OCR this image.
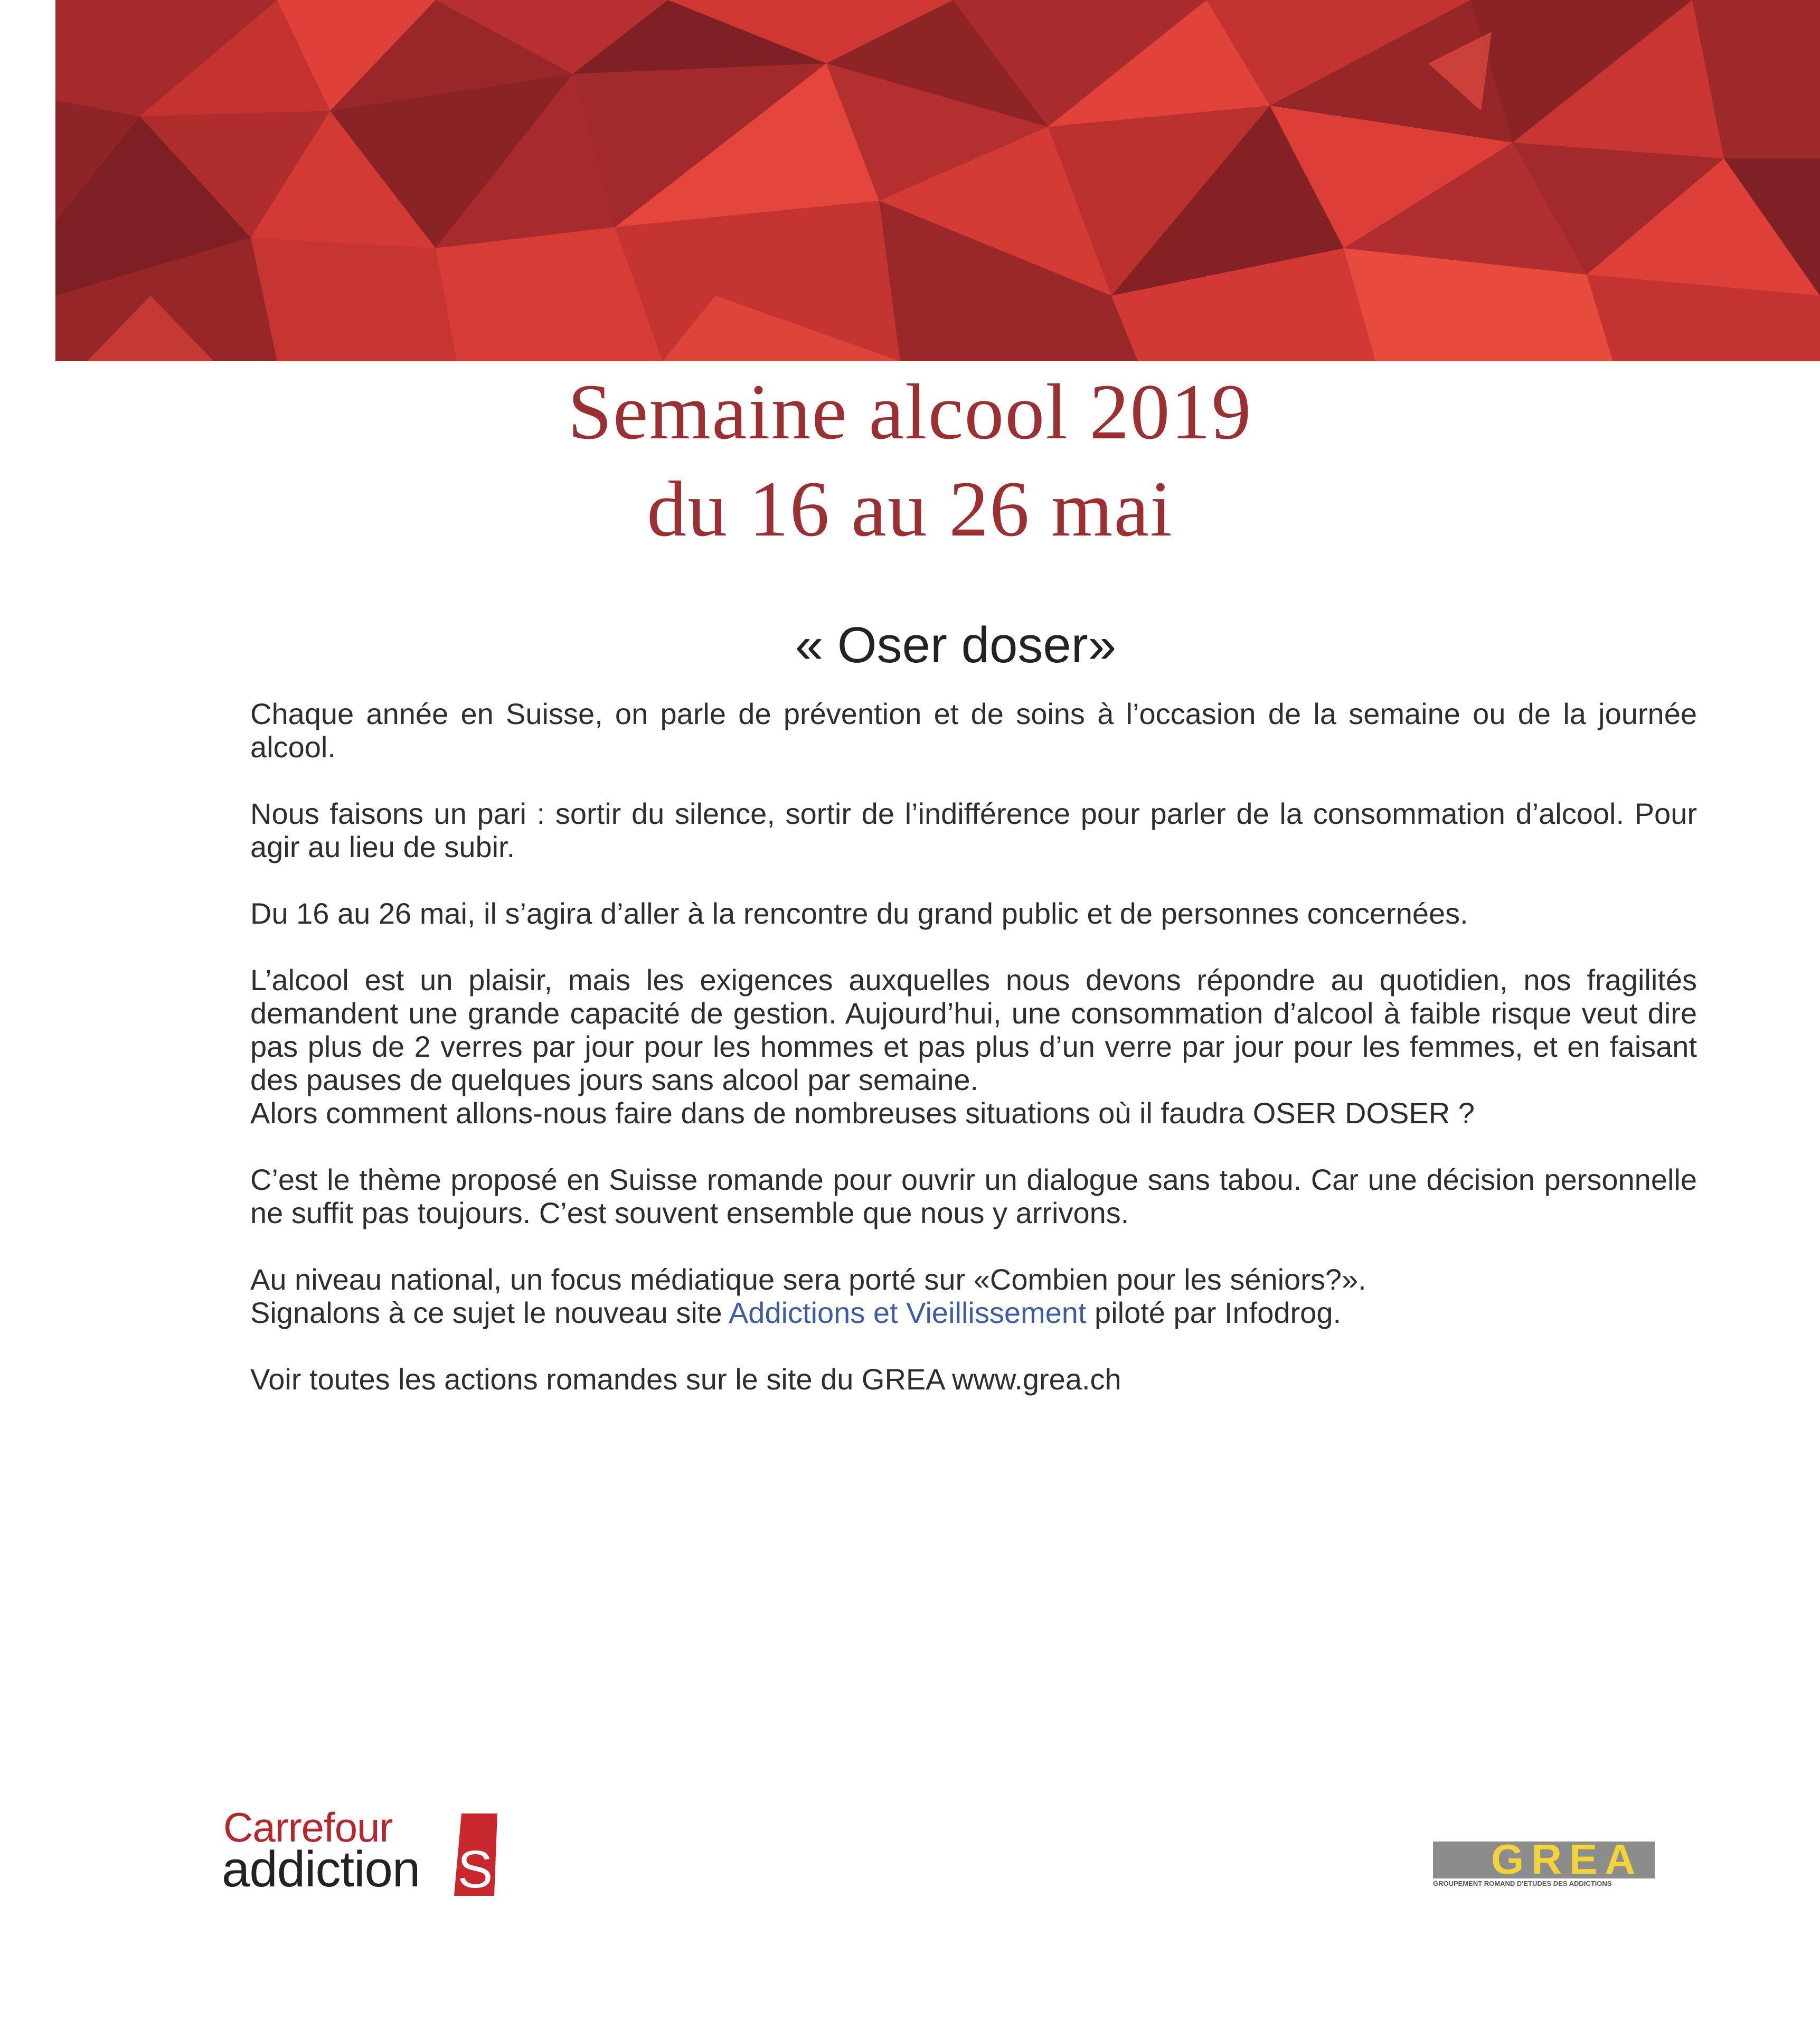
Semaine alcool 2019
du 16 au 26 mai
« Oser doser»

Chaque année en Suisse, on parle de prévention et de soins à l’occasion de la semaine ou de la journée alcool.

Nous faisons un pari : sortir du silence, sortir de l’indifférence pour parler de la consommation d’alcool. Pour agir au lieu de subir.

Du 16 au 26 mai, il s’agira d’aller à la rencontre du grand public et de personnes concernées.

L’alcool est un plaisir, mais les exigences auxquelles nous devons répondre au quotidien, nos fragilités demandent une grande capacité de gestion. Aujourd’hui, une consommation d’alcool à faible risque veut dire pas plus de 2 verres par jour pour les hommes et pas plus d’un verre par jour pour les femmes, et en faisant des pauses de quelques jours sans alcool par semaine.

Alors comment allons-nous faire dans de nombreuses situations où il faudra OSER DOSER ?

C’est le thème proposé en Suisse romande pour ouvrir un dialogue sans tabou. Car une décision personnelle ne suffit pas toujours. C’est souvent ensemble que nous y arrivons.

Au niveau national, un focus médiatique sera porté sur «Combien pour les séniors?».

Signalons à ce sujet le nouveau site Addictions et Vieillissement piloté par Infodrog.

Voir toutes les actions romandes sur le site du GREA www.grea.ch

Carrefour
addiction S	GREA
GROUPEMENT ROMAND D'ETUDES DES ADDICTIONS
